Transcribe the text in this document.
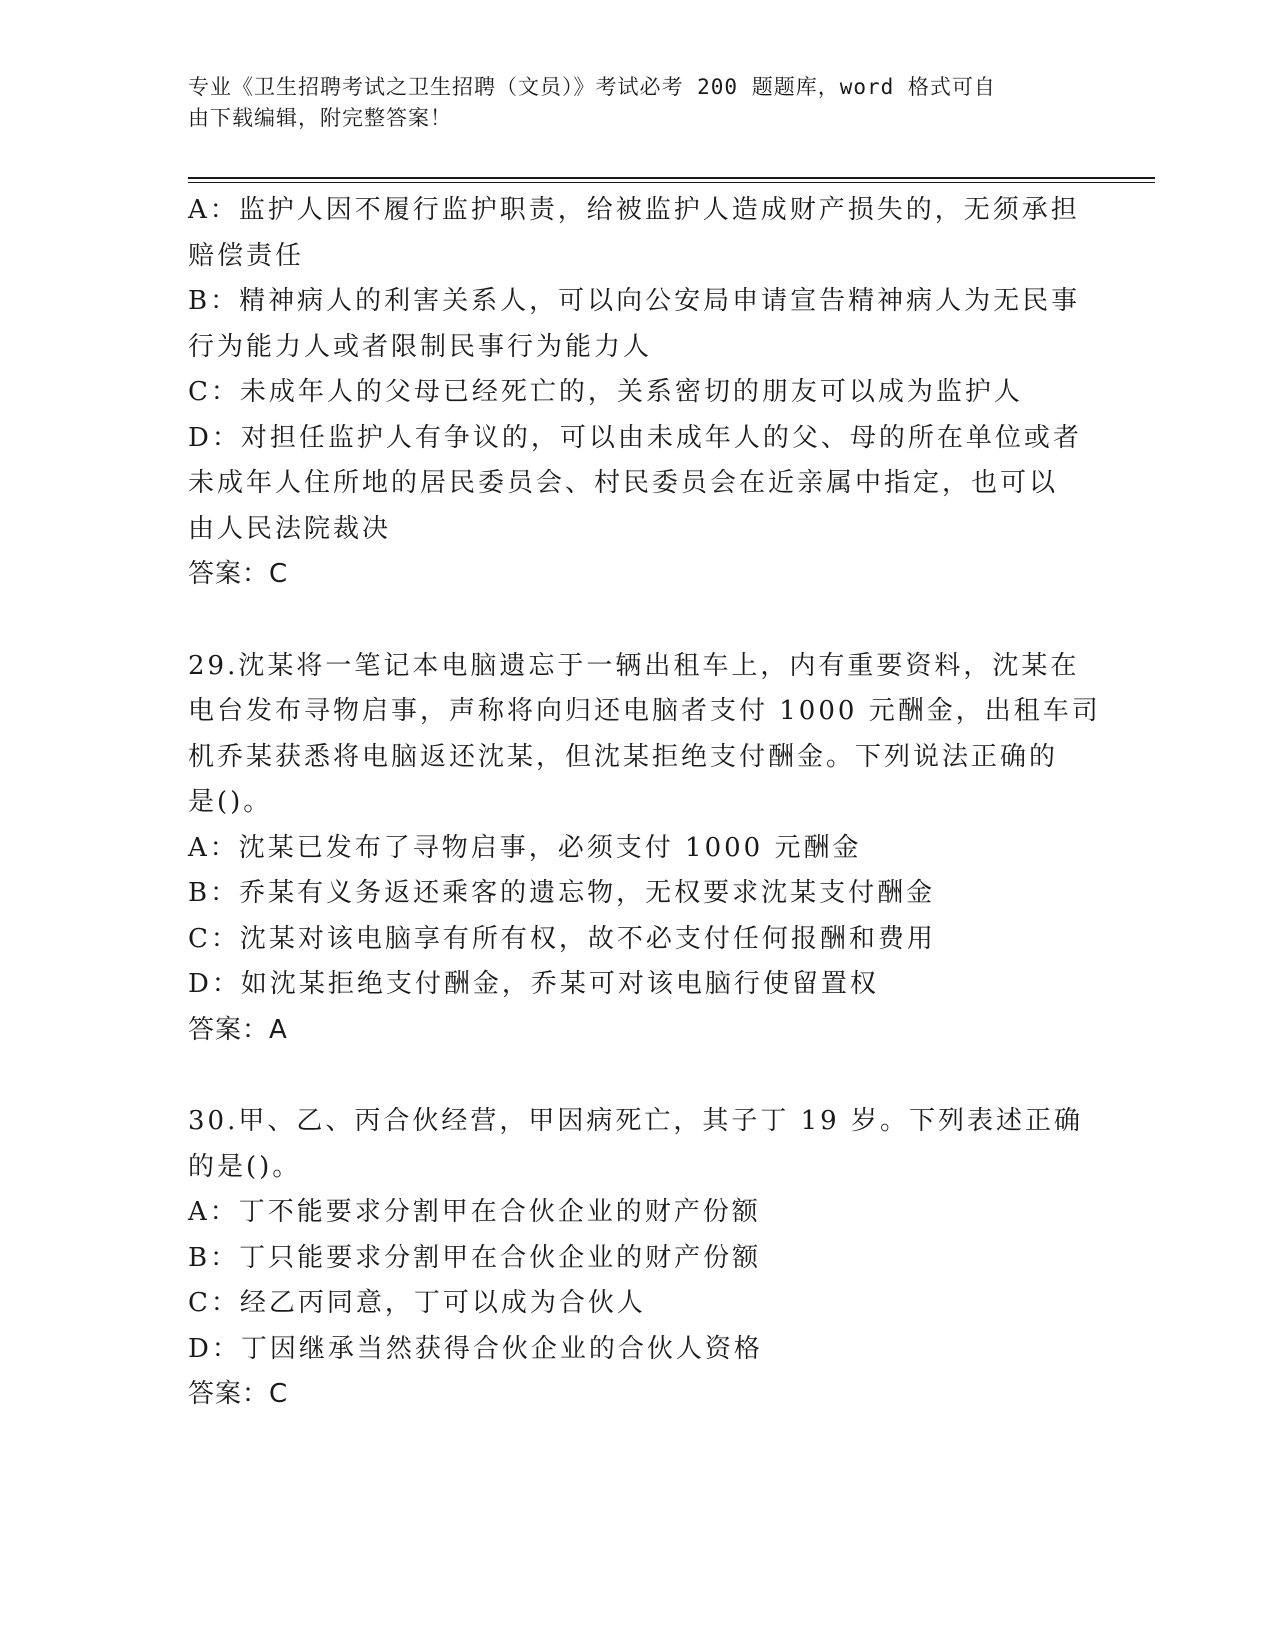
专业《卫生招聘考试之卫生招聘（文员）》考试必考 200 题题库，word 格式可自
由下载编辑，附完整答案！
A：监护人因不履行监护职责，给被监护人造成财产损失的，无须承担
赔偿责任
B：精神病人的利害关系人，可以向公安局申请宣告精神病人为无民事
行为能力人或者限制民事行为能力人
C：未成年人的父母已经死亡的，关系密切的朋友可以成为监护人
D：对担任监护人有争议的，可以由未成年人的父、母的所在单位或者
未成年人住所地的居民委员会、村民委员会在近亲属中指定，也可以
由人民法院裁决
答案：C
29.沈某将一笔记本电脑遗忘于一辆出租车上，内有重要资料，沈某在
电台发布寻物启事，声称将向归还电脑者支付 1000 元酬金，出租车司
机乔某获悉将电脑返还沈某，但沈某拒绝支付酬金。下列说法正确的
是()。
A：沈某已发布了寻物启事，必须支付 1000 元酬金
B：乔某有义务返还乘客的遗忘物，无权要求沈某支付酬金
C：沈某对该电脑享有所有权，故不必支付任何报酬和费用
D：如沈某拒绝支付酬金，乔某可对该电脑行使留置权
答案：A
30.甲、乙、丙合伙经营，甲因病死亡，其子丁 19 岁。下列表述正确
的是()。
A：丁不能要求分割甲在合伙企业的财产份额
B：丁只能要求分割甲在合伙企业的财产份额
C：经乙丙同意，丁可以成为合伙人
D：丁因继承当然获得合伙企业的合伙人资格
答案：C
